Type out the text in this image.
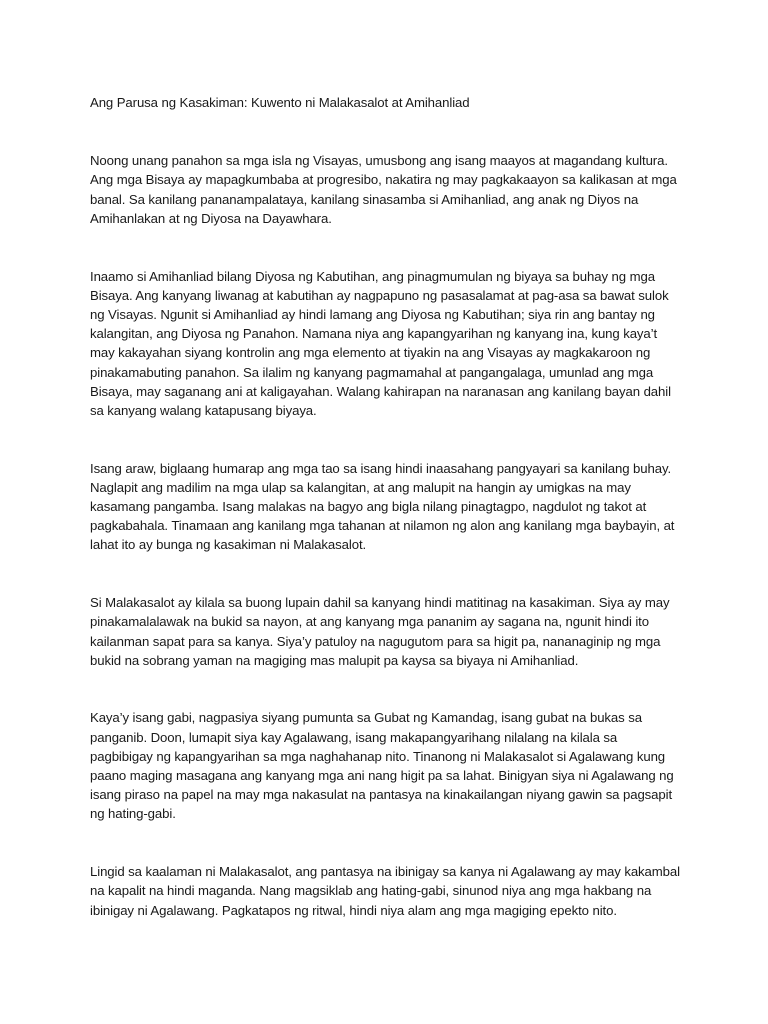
Ang Parusa ng Kasakiman: Kuwento ni Malakasalot at Amihanliad

Noong unang panahon sa mga isla ng Visayas, umusbong ang isang maayos at magandang kultura. Ang mga Bisaya ay mapagkumbaba at progresibo, nakatira ng may pagkakaayon sa kalikasan at mga banal. Sa kanilang pananampalataya, kanilang sinasamba si Amihanliad, ang anak ng Diyos na Amihanlakan at ng Diyosa na Dayawhara.

Inaamo si Amihanliad bilang Diyosa ng Kabutihan, ang pinagmumulan ng biyaya sa buhay ng mga Bisaya. Ang kanyang liwanag at kabutihan ay nagpapuno ng pasasalamat at pag-asa sa bawat sulok ng Visayas. Ngunit si Amihanliad ay hindi lamang ang Diyosa ng Kabutihan; siya rin ang bantay ng kalangitan, ang Diyosa ng Panahon. Namana niya ang kapangyarihan ng kanyang ina, kung kaya’t may kakayahan siyang kontrolin ang mga elemento at tiyakin na ang Visayas ay magkakaroon ng pinakamabuting panahon. Sa ilalim ng kanyang pagmamahal at pangangalaga, umunlad ang mga Bisaya, may saganang ani at kaligayahan. Walang kahirapan na naranasan ang kanilang bayan dahil sa kanyang walang katapusang biyaya.

Isang araw, biglaang humarap ang mga tao sa isang hindi inaasahang pangyayari sa kanilang buhay. Naglapit ang madilim na mga ulap sa kalangitan, at ang malupit na hangin ay umigkas na may kasamang pangamba. Isang malakas na bagyo ang bigla nilang pinagtagpo, nagdulot ng takot at pagkabahala. Tinamaan ang kanilang mga tahanan at nilamon ng alon ang kanilang mga baybayin, at lahat ito ay bunga ng kasakiman ni Malakasalot.

Si Malakasalot ay kilala sa buong lupain dahil sa kanyang hindi matitinag na kasakiman. Siya ay may pinakamalalawak na bukid sa nayon, at ang kanyang mga pananim ay sagana na, ngunit hindi ito kailanman sapat para sa kanya. Siya’y patuloy na nagugutom para sa higit pa, nananaginip ng mga bukid na sobrang yaman na magiging mas malupit pa kaysa sa biyaya ni Amihanliad.

Kaya’y isang gabi, nagpasiya siyang pumunta sa Gubat ng Kamandag, isang gubat na bukas sa panganib. Doon, lumapit siya kay Agalawang, isang makapangyarihang nilalang na kilala sa pagbibigay ng kapangyarihan sa mga naghahanap nito. Tinanong ni Malakasalot si Agalawang kung paano maging masagana ang kanyang mga ani nang higit pa sa lahat. Binigyan siya ni Agalawang ng isang piraso na papel na may mga nakasulat na pantasya na kinakailangan niyang gawin sa pagsapit ng hating-gabi.

Lingid sa kaalaman ni Malakasalot, ang pantasya na ibinigay sa kanya ni Agalawang ay may kakambal na kapalit na hindi maganda. Nang magsiklab ang hating-gabi, sinunod niya ang mga hakbang na ibinigay ni Agalawang. Pagkatapos ng ritwal, hindi niya alam ang mga magiging epekto nito.
